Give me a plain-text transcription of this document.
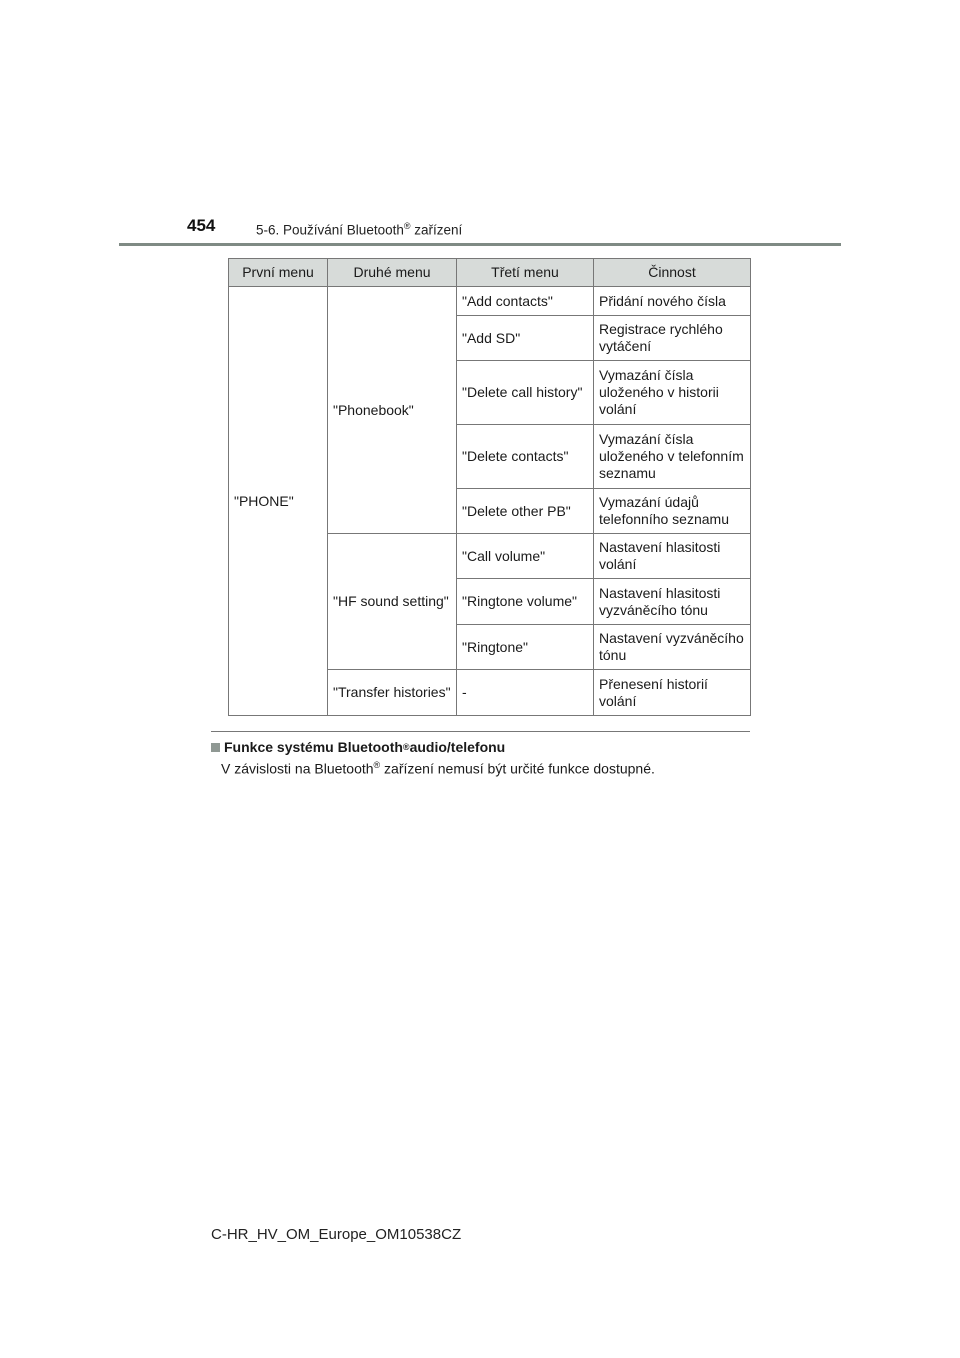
454	5-6. Používání Bluetooth® zařízení
První menu	Druhé menu	Třetí menu	Činnost
"PHONE"	"Phonebook"	"Add contacts"	Přidání nového čísla
		"Add SD"	Registrace rychlého vytáčení
		"Delete call history"	Vymazání čísla uloženého v historii volání
		"Delete contacts"	Vymazání čísla uloženého v telefonním seznamu
		"Delete other PB"	Vymazání údajů telefonního seznamu
	"HF sound setting"	"Call volume"	Nastavení hlasitosti volání
		"Ringtone volume"	Nastavení hlasitosti vyzváněcího tónu
		"Ringtone"	Nastavení vyzváněcího tónu
	"Transfer histories"	-	Přenesení historií volání
Funkce systému Bluetooth ® audio/telefonu
V závislosti na Bluetooth® zařízení nemusí být určité funkce dostupné.
C-HR_HV_OM_Europe_OM10538CZ
